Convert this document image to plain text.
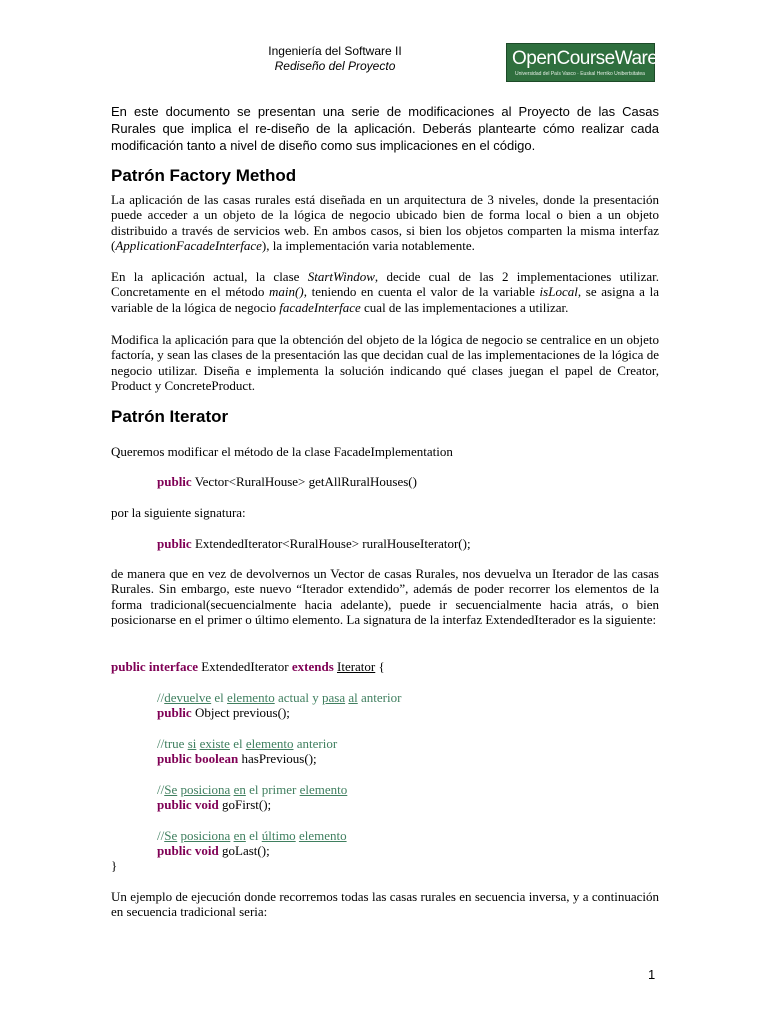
Ingeniería del Software II
Rediseño del Proyecto	OpenCourseWare
Universidad del País Vasco · Euskal Herriko Unibertsitatea
En este documento se presentan una serie de modificaciones al Proyecto de las Casas Rurales que implica el re-diseño de la aplicación. Deberás plantearte cómo realizar cada modificación tanto a nivel de diseño como sus implicaciones en el código.
Patrón Factory Method
La aplicación de las casas rurales está diseñada en un arquitectura de 3 niveles, donde la presentación puede acceder a un objeto de la lógica de negocio ubicado bien de forma local o bien a un objeto distribuido a través de servicios web. En ambos casos, si bien los objetos comparten la misma interfaz (ApplicationFacadeInterface), la implementación varia notablemente.
En la aplicación actual, la clase StartWindow, decide cual de las 2 implementaciones utilizar. Concretamente en el método main(), teniendo en cuenta el valor de la variable isLocal, se asigna a la variable de la lógica de negocio facadeInterface cual de las implementaciones a utilizar.
Modifica la aplicación para que la obtención del objeto de la lógica de negocio se centralice en un objeto factoría, y sean las clases de la presentación las que decidan cual de las implementaciones de la lógica de negocio utilizar. Diseña e implementa la solución indicando qué clases juegan el papel de Creator, Product y ConcreteProduct.
Patrón Iterator
Queremos modificar el método de la clase FacadeImplementation
public Vector<RuralHouse> getAllRuralHouses()
por la siguiente signatura:
public ExtendedIterator<RuralHouse> ruralHouseIterator();
de manera que en vez de devolvernos un Vector de casas Rurales, nos devuelva un Iterador de las casas Rurales. Sin embargo, este nuevo “Iterador extendido”, además de poder recorrer los elementos de la forma tradicional(secuencialmente hacia adelante), puede ir secuencialmente hacia atrás, o bien posicionarse en el primer o último elemento. La signatura de la interfaz ExtendedIterador es la siguiente:
public interface ExtendedIterator extends Iterator {
//devuelve el elemento actual y pasa al anterior
public Object previous();
//true si existe el elemento anterior
public boolean hasPrevious();
//Se posiciona en el primer elemento
public void goFirst();
//Se posiciona en el último elemento
public void goLast();
}
Un ejemplo de ejecución donde recorremos todas las casas rurales en secuencia inversa, y a continuación en secuencia tradicional seria:
1
